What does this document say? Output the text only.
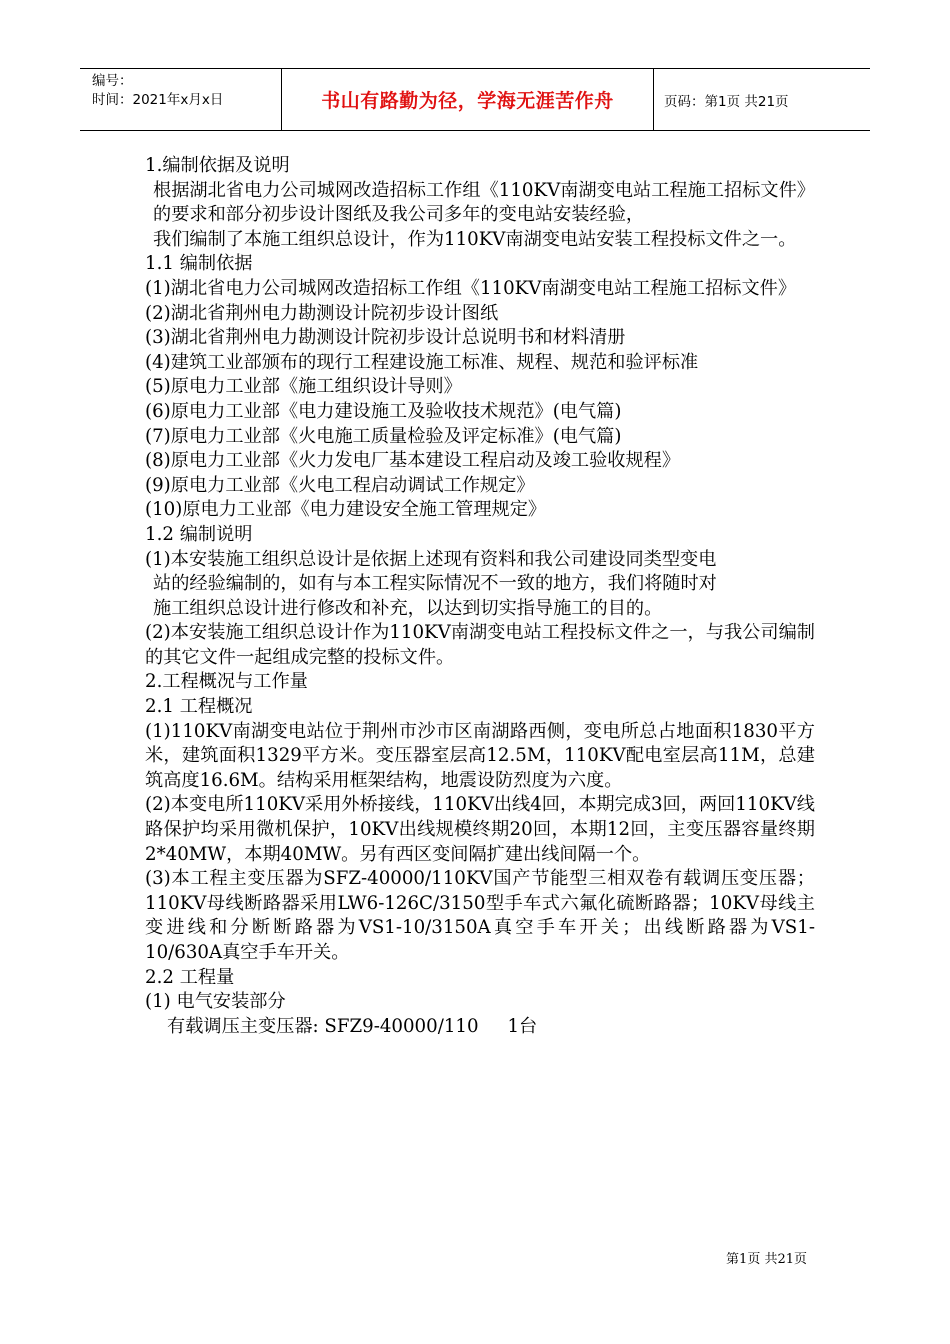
编号：
时间：2021年x月x日	书山有路勤为径，学海无涯苦作舟	页码：第1页 共21页

1.编制依据及说明

根据湖北省电力公司城网改造招标工作组《110KV南湖变电站工程施工招标文件》的要求和部分初步设计图纸及我公司多年的变电站安装经验，

我们编制了本施工组织总设计，作为110KV南湖变电站安装工程投标文件之一。

1.1 编制依据

(1)湖北省电力公司城网改造招标工作组《110KV南湖变电站工程施工招标文件》

(2)湖北省荆州电力勘测设计院初步设计图纸

(3)湖北省荆州电力勘测设计院初步设计总说明书和材料清册

(4)建筑工业部颁布的现行工程建设施工标准、规程、规范和验评标准

(5)原电力工业部《施工组织设计导则》

(6)原电力工业部《电力建设施工及验收技术规范》(电气篇)

(7)原电力工业部《火电施工质量检验及评定标准》(电气篇)

(8)原电力工业部《火力发电厂基本建设工程启动及竣工验收规程》

(9)原电力工业部《火电工程启动调试工作规定》

(10)原电力工业部《电力建设安全施工管理规定》

1.2 编制说明

(1)本安装施工组织总设计是依据上述现有资料和我公司建设同类型变电

站的经验编制的，如有与本工程实际情况不一致的地方，我们将随时对

施工组织总设计进行修改和补充，以达到切实指导施工的目的。

(2)本安装施工组织总设计作为110KV南湖变电站工程投标文件之一，与我公司编制的其它文件一起组成完整的投标文件。

2.工程概况与工作量

2.1 工程概况

(1)110KV南湖变电站位于荆州市沙市区南湖路西侧，变电所总占地面积1830平方米，建筑面积1329平方米。变压器室层高12.5M，110KV配电室层高11M，总建筑高度16.6M。结构采用框架结构，地震设防烈度为六度。

(2)本变电所110KV采用外桥接线，110KV出线4回，本期完成3回，两回110KV线路保护均采用微机保护，10KV出线规模终期20回，本期12回，主变压器容量终期2*40MW，本期40MW。另有西区变间隔扩建出线间隔一个。

(3)本工程主变压器为SFZ-40000/110KV国产节能型三相双卷有载调压变压器；110KV母线断路器采用LW6-126C/3150型手车式六氟化硫断路器；10KV母线主变进线和分断断路器为VS1-10/3150A真空手车开关；出线断路器为VS1-10/630A真空手车开关。

2.2 工程量

(1) 电气安装部分

有载调压主变压器: SFZ9-40000/110     1台

第1页 共21页
